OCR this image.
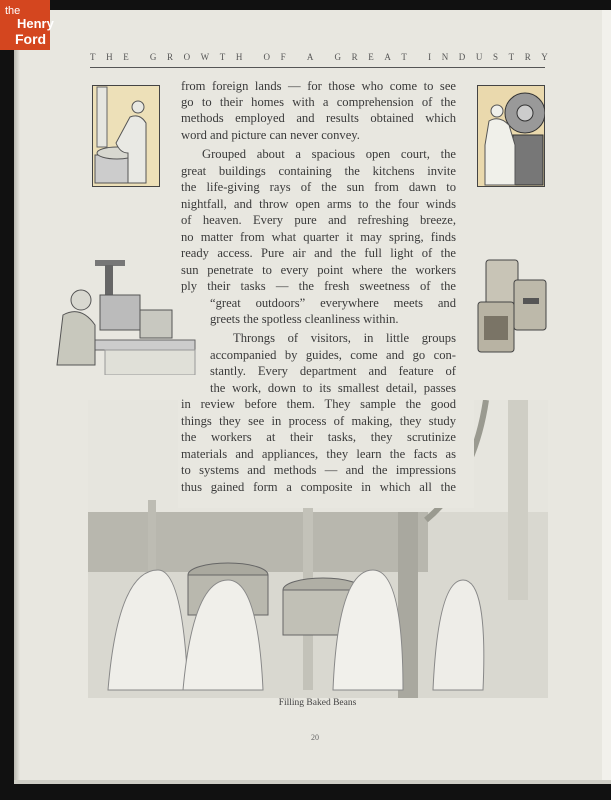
the
Henry
Ford
T H E G R O W T H O F A G R E A T I N D U S T R Y
from foreign lands — for those who come to see
go to their homes with a comprehension of the
methods employed and results obtained which
word and picture can never convey.
Grouped about a spacious open court, the
great buildings containing the kitchens invite
the life-giving rays of the sun from dawn to
nightfall, and throw open arms to the four winds
of heaven. Every pure and refreshing breeze,
no matter from what quarter it may spring, finds
ready access. Pure air and the full light of the
sun penetrate to every point where the workers
ply their tasks — the fresh sweetness of the
“great outdoors” everywhere meets and
greets the spotless cleanliness within.
Throngs of visitors, in little groups
accompanied by guides, come and go con-
stantly. Every department and feature of
the work, down to its smallest detail, passes
in review before them. They sample the good
things they see in process of making, they study
the workers at their tasks, they scrutinize
materials and appliances, they learn the facts as
to systems and methods — and the impressions
thus gained form a composite in which all the
Filling Baked Beans
20
